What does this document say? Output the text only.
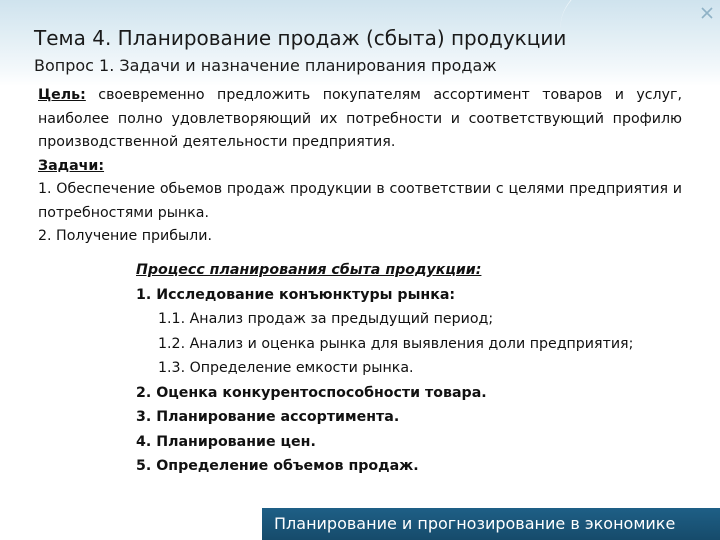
Тема 4. Планирование продаж (сбыта) продукции
Вопрос 1. Задачи и назначение планирования продаж

Цель: своевременно предложить покупателям ассортимент товаров и услуг, наиболее полно удовлетворяющий их потребности и соответствующий профилю производственной деятельности предприятия.

Задачи:

1. Обеспечение обьемов продаж продукции в соответствии с целями предприятия и потребностями рынка.

2. Получение прибыли.

Процесс планирования сбыта продукции:

1. Исследование конъюнктуры рынка:

1.1. Анализ продаж за предыдущий период;

1.2. Анализ и оценка рынка для выявления доли предприятия;

1.3. Определение емкости рынка.

2. Оценка конкурентоспособности товара.

3. Планирование ассортимента.

4. Планирование цен.

5. Определение объемов продаж.

Планирование и прогнозирование в экономике
